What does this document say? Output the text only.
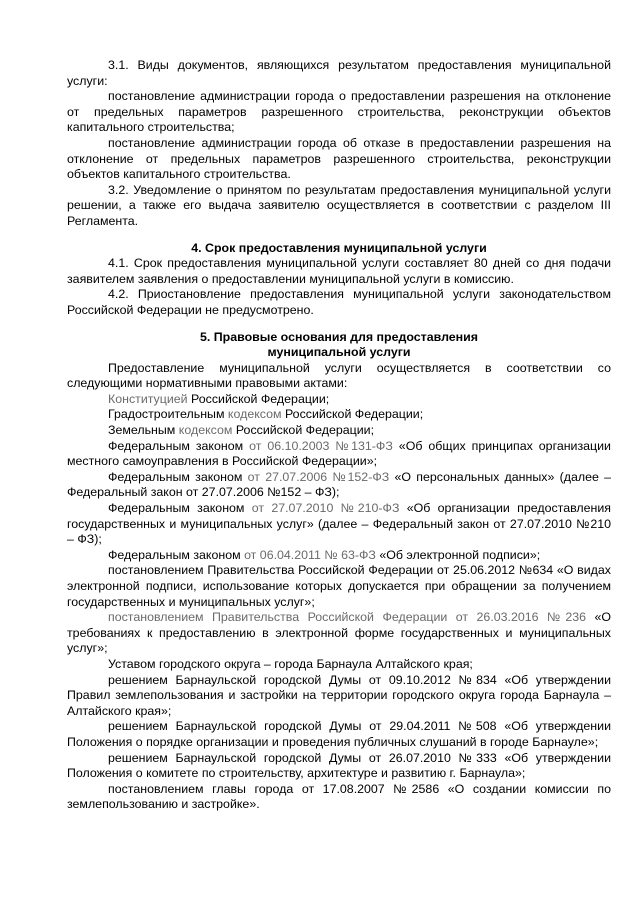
3.1. Виды документов, являющихся результатом предоставления муниципальной услуги:

постановление администрации города о предоставлении разрешения на отклонение от предельных параметров разрешенного строительства, реконструкции объектов капитального строительства;

постановление администрации города об отказе в предоставлении разрешения на отклонение от предельных параметров разрешенного строительства, реконструкции объектов капитального строительства.

3.2. Уведомление о принятом по результатам предоставления муниципальной услуги решении, а также его выдача заявителю осуществляется в соответствии с разделом III Регламента.

4. Срок предоставления муниципальной услуги

4.1. Срок предоставления муниципальной услуги составляет 80 дней со дня подачи заявителем заявления о предоставлении муниципальной услуги в комиссию.

4.2. Приостановление предоставления муниципальной услуги законодательством Российской Федерации не предусмотрено.

5. Правовые основания для предоставления

муниципальной услуги

Предоставление муниципальной услуги осуществляется в соответствии со следующими нормативными правовыми актами:

Конституцией Российской Федерации;

Градостроительным кодексом Российской Федерации;

Земельным кодексом Российской Федерации;

Федеральным законом от 06.10.2003 №131-ФЗ «Об общих принципах организации местного самоуправления в Российской Федерации»;

Федеральным законом от 27.07.2006 №152-ФЗ «О персональных данных» (далее – Федеральный закон от 27.07.2006 №152 – ФЗ);

Федеральным законом от 27.07.2010 №210-ФЗ «Об организации предоставления государственных и муниципальных услуг» (далее – Федеральный закон от 27.07.2010 №210 – ФЗ);

Федеральным законом от 06.04.2011 № 63-ФЗ «Об электронной подписи»;

постановлением Правительства Российской Федерации от 25.06.2012 №634 «О видах электронной подписи, использование которых допускается при обращении за получением государственных и муниципальных услуг»;

постановлением Правительства Российской Федерации от 26.03.2016 №236 «О требованиях к предоставлению в электронной форме государственных и муниципальных услуг»;

Уставом городского округа – города Барнаула Алтайского края;

решением Барнаульской городской Думы от 09.10.2012 №834 «Об утверждении Правил землепользования и застройки на территории городского округа города Барнаула – Алтайского края»;

решением Барнаульской городской Думы от 29.04.2011 №508 «Об утверждении Положения о порядке организации и проведения публичных слушаний в городе Барнауле»;

решением Барнаульской городской Думы от 26.07.2010 №333 «Об утверждении Положения о комитете по строительству, архитектуре и развитию г. Барнаула»;

постановлением главы города от 17.08.2007 №2586 «О создании комиссии по землепользованию и застройке».
